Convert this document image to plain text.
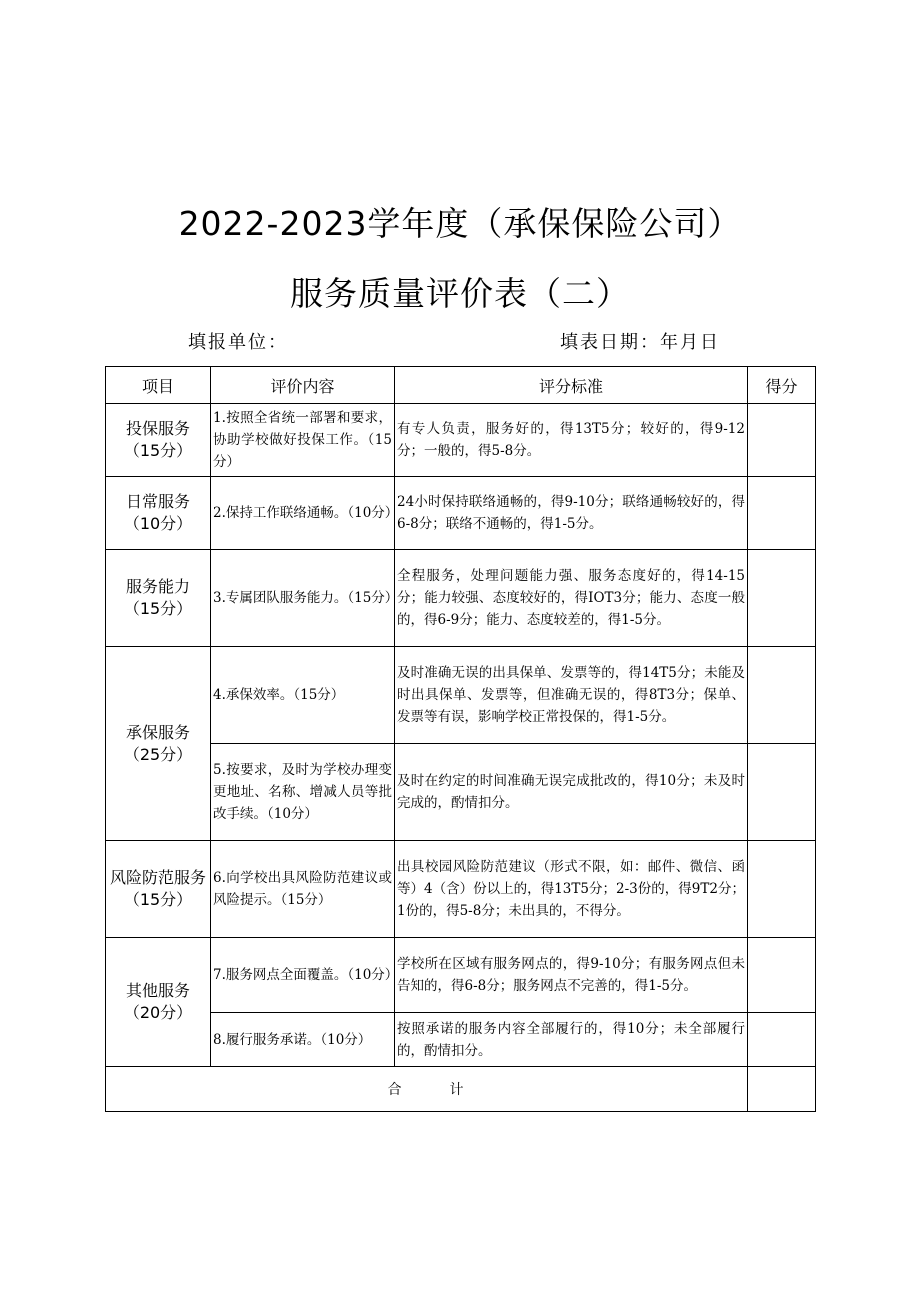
2022-2023学年度（承保保险公司）
服务质量评价表（二）
填报单位：	填表日期：年月日
项目	评价内容	评分标准	得分
投保服务（15分）	1.按照全省统一部署和要求，协助学校做好投保工作。（15分）	有专人负责，服务好的，得13T5分；较好的，得9-12分；一般的，得5-8分。	
日常服务（10分）	2.保持工作联络通畅。（10分）	24小时保持联络通畅的，得9-10分；联络通畅较好的，得6-8分；联络不通畅的，得1-5分。	
服务能力（15分）	3.专属团队服务能力。（15分）	全程服务，处理问题能力强、服务态度好的，得14-15分；能力较强、态度较好的，得IOT3分；能力、态度一般的，得6-9分；能力、态度较差的，得1-5分。	
承保服务（25分）	4.承保效率。（15分）	及时准确无误的出具保单、发票等的，得14T5分；未能及时出具保单、发票等，但准确无误的，得8T3分；保单、发票等有误，影响学校正常投保的，得1-5分。	
	5.按要求，及时为学校办理变更地址、名称、增减人员等批改手续。（10分）	及时在约定的时间准确无误完成批改的，得10分；未及时完成的，酌情扣分。	
风险防范服务（15分）	6.向学校出具风险防范建议或风险提示。（15分）	出具校园风险防范建议（形式不限，如：邮件、微信、函等）4（含）份以上的，得13T5分；2-3份的，得9T2分；1份的，得5-8分；未出具的，不得分。	
其他服务（20分）	7.服务网点全面覆盖。（10分）	学校所在区域有服务网点的，得9-10分；有服务网点但未告知的，得6-8分；服务网点不完善的，得1-5分。	
	8.履行服务承诺。（10分）	按照承诺的服务内容全部履行的，得10分；未全部履行的，酌情扣分。	
合计			
